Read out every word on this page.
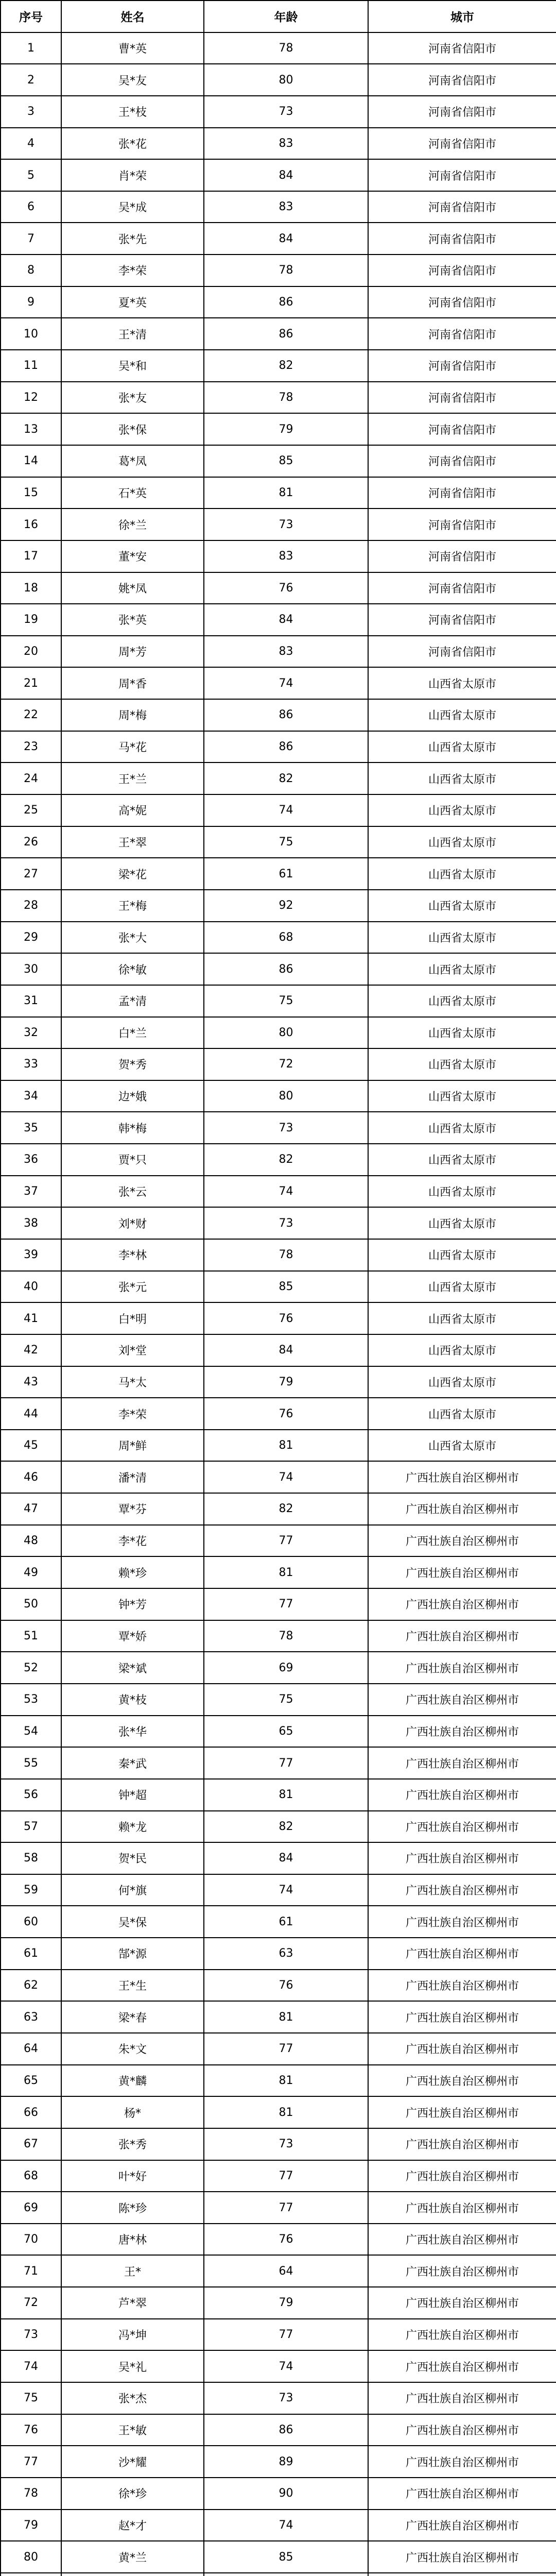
序号	姓名	年龄	城市
1	曹*英	78	河南省信阳市
2	吴*友	80	河南省信阳市
3	王*枝	73	河南省信阳市
4	张*花	83	河南省信阳市
5	肖*荣	84	河南省信阳市
6	吴*成	83	河南省信阳市
7	张*先	84	河南省信阳市
8	李*荣	78	河南省信阳市
9	夏*英	86	河南省信阳市
10	王*清	86	河南省信阳市
11	吴*和	82	河南省信阳市
12	张*友	78	河南省信阳市
13	张*保	79	河南省信阳市
14	葛*凤	85	河南省信阳市
15	石*英	81	河南省信阳市
16	徐*兰	73	河南省信阳市
17	董*安	83	河南省信阳市
18	姚*凤	76	河南省信阳市
19	张*英	84	河南省信阳市
20	周*芳	83	河南省信阳市
21	周*香	74	山西省太原市
22	周*梅	86	山西省太原市
23	马*花	86	山西省太原市
24	王*兰	82	山西省太原市
25	高*妮	74	山西省太原市
26	王*翠	75	山西省太原市
27	梁*花	61	山西省太原市
28	王*梅	92	山西省太原市
29	张*大	68	山西省太原市
30	徐*敏	86	山西省太原市
31	孟*清	75	山西省太原市
32	白*兰	80	山西省太原市
33	贺*秀	72	山西省太原市
34	边*娥	80	山西省太原市
35	韩*梅	73	山西省太原市
36	贾*只	82	山西省太原市
37	张*云	74	山西省太原市
38	刘*财	73	山西省太原市
39	李*林	78	山西省太原市
40	张*元	85	山西省太原市
41	白*明	76	山西省太原市
42	刘*堂	84	山西省太原市
43	马*太	79	山西省太原市
44	李*荣	76	山西省太原市
45	周*鲜	81	山西省太原市
46	潘*清	74	广西壮族自治区柳州市
47	覃*芬	82	广西壮族自治区柳州市
48	李*花	77	广西壮族自治区柳州市
49	赖*珍	81	广西壮族自治区柳州市
50	钟*芳	77	广西壮族自治区柳州市
51	覃*娇	78	广西壮族自治区柳州市
52	梁*斌	69	广西壮族自治区柳州市
53	黄*枝	75	广西壮族自治区柳州市
54	张*华	65	广西壮族自治区柳州市
55	秦*武	77	广西壮族自治区柳州市
56	钟*超	81	广西壮族自治区柳州市
57	赖*龙	82	广西壮族自治区柳州市
58	贺*民	84	广西壮族自治区柳州市
59	何*旗	74	广西壮族自治区柳州市
60	吴*保	61	广西壮族自治区柳州市
61	郜*源	63	广西壮族自治区柳州市
62	王*生	76	广西壮族自治区柳州市
63	梁*春	81	广西壮族自治区柳州市
64	朱*文	77	广西壮族自治区柳州市
65	黄*麟	81	广西壮族自治区柳州市
66	杨*	81	广西壮族自治区柳州市
67	张*秀	73	广西壮族自治区柳州市
68	叶*好	77	广西壮族自治区柳州市
69	陈*珍	77	广西壮族自治区柳州市
70	唐*林	76	广西壮族自治区柳州市
71	王*	64	广西壮族自治区柳州市
72	芦*翠	79	广西壮族自治区柳州市
73	冯*坤	77	广西壮族自治区柳州市
74	吴*礼	74	广西壮族自治区柳州市
75	张*杰	73	广西壮族自治区柳州市
76	王*敏	86	广西壮族自治区柳州市
77	沙*耀	89	广西壮族自治区柳州市
78	徐*珍	90	广西壮族自治区柳州市
79	赵*才	74	广西壮族自治区柳州市
80	黄*兰	85	广西壮族自治区柳州市
